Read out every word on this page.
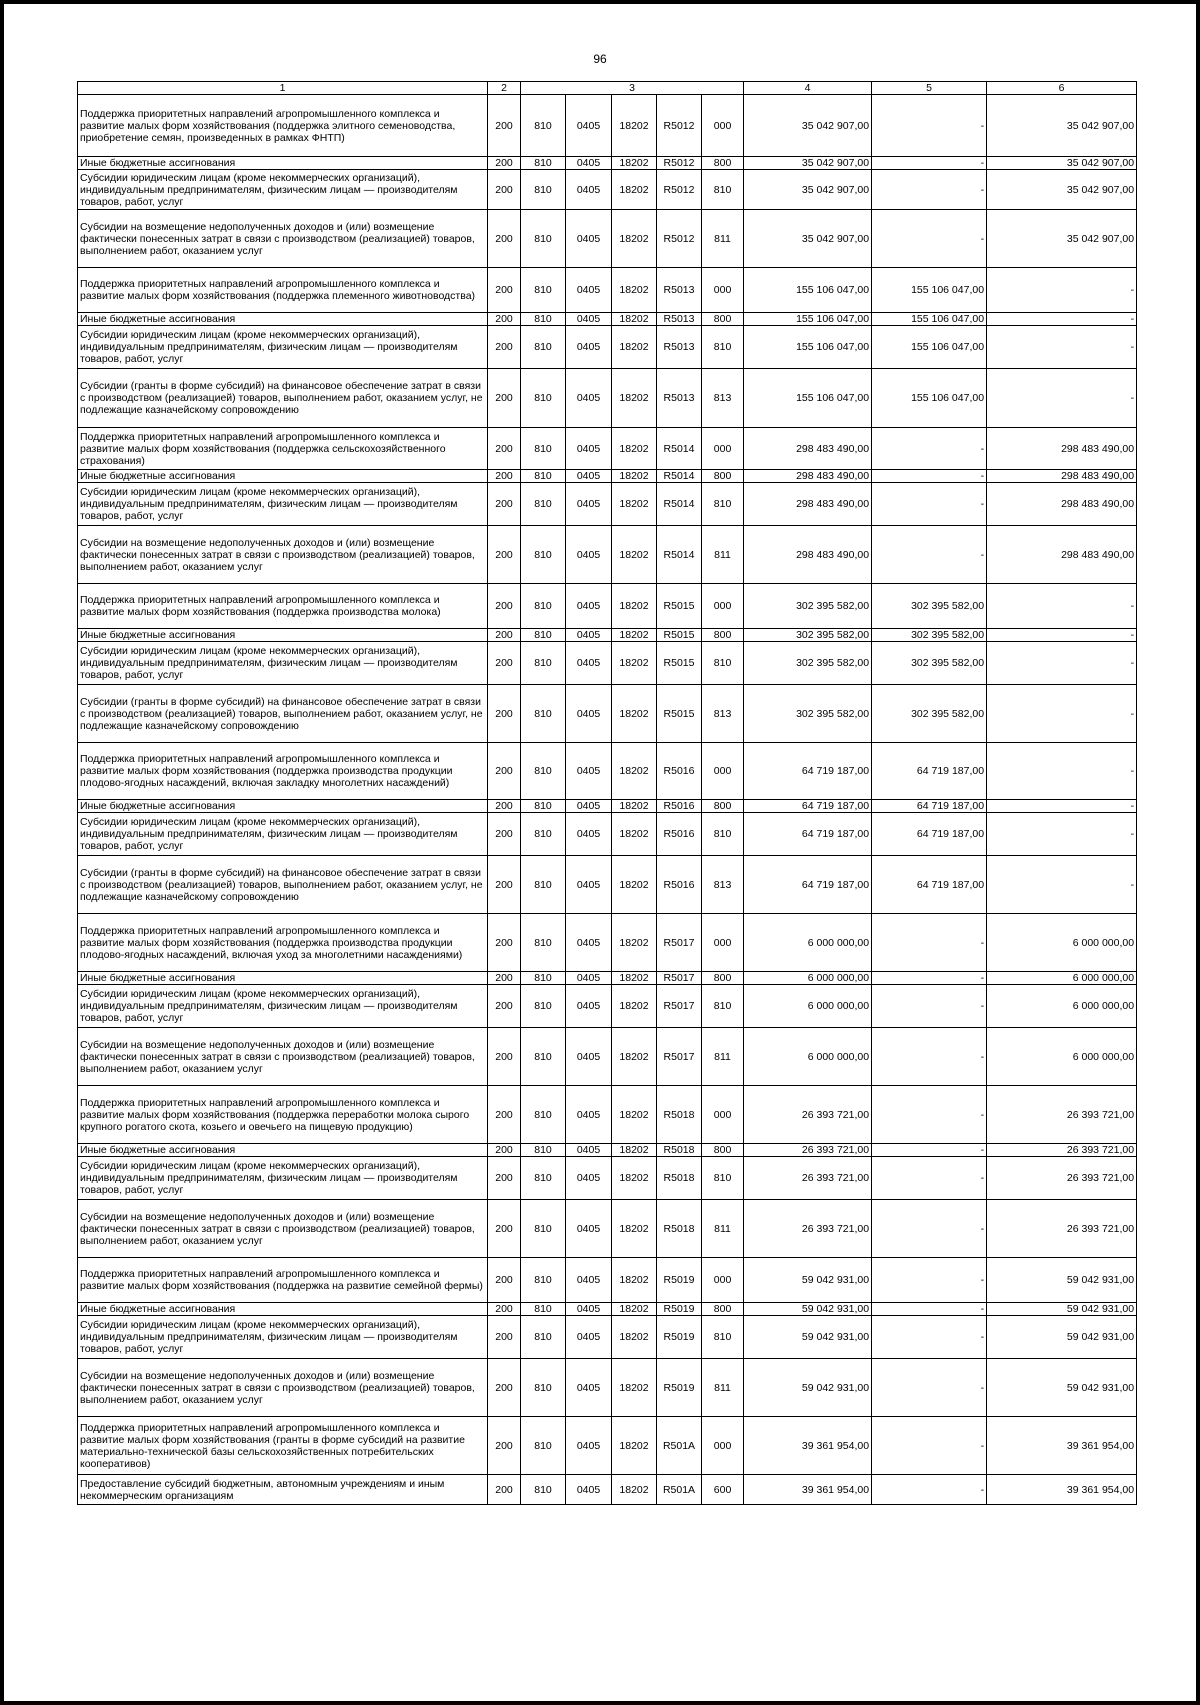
96
1	2	3					4	5	6
Поддержка приоритетных направлений агропромышленного комплекса и развитие малых форм хозяйствования (поддержка элитного семеноводства, приобретение семян, произведенных в рамках ФНТП)	200	810	0405	18202	R5012	000	35 042 907,00	-	35 042 907,00
Иные бюджетные ассигнования	200	810	0405	18202	R5012	800	35 042 907,00	-	35 042 907,00
Субсидии юридическим лицам (кроме некоммерческих организаций), индивидуальным предпринимателям, физическим лицам — производителям товаров, работ, услуг	200	810	0405	18202	R5012	810	35 042 907,00	-	35 042 907,00
Субсидии на возмещение недополученных доходов и (или) возмещение фактически понесенных затрат в связи с производством (реализацией) товаров, выполнением работ, оказанием услуг	200	810	0405	18202	R5012	811	35 042 907,00	-	35 042 907,00
Поддержка приоритетных направлений агропромышленного комплекса и развитие малых форм хозяйствования (поддержка племенного животноводства)	200	810	0405	18202	R5013	000	155 106 047,00	155 106 047,00	-
Иные бюджетные ассигнования	200	810	0405	18202	R5013	800	155 106 047,00	155 106 047,00	-
Субсидии юридическим лицам (кроме некоммерческих организаций), индивидуальным предпринимателям, физическим лицам — производителям товаров, работ, услуг	200	810	0405	18202	R5013	810	155 106 047,00	155 106 047,00	-
Субсидии (гранты в форме субсидий) на финансовое обеспечение затрат в связи с производством (реализацией) товаров, выполнением работ, оказанием услуг, не подлежащие казначейскому сопровождению	200	810	0405	18202	R5013	813	155 106 047,00	155 106 047,00	-
Поддержка приоритетных направлений агропромышленного комплекса и развитие малых форм хозяйствования (поддержка сельскохозяйственного страхования)	200	810	0405	18202	R5014	000	298 483 490,00	-	298 483 490,00
Иные бюджетные ассигнования	200	810	0405	18202	R5014	800	298 483 490,00	-	298 483 490,00
Субсидии юридическим лицам (кроме некоммерческих организаций), индивидуальным предпринимателям, физическим лицам — производителям товаров, работ, услуг	200	810	0405	18202	R5014	810	298 483 490,00	-	298 483 490,00
Субсидии на возмещение недополученных доходов и (или) возмещение фактически понесенных затрат в связи с производством (реализацией) товаров, выполнением работ, оказанием услуг	200	810	0405	18202	R5014	811	298 483 490,00	-	298 483 490,00
Поддержка приоритетных направлений агропромышленного комплекса и развитие малых форм хозяйствования (поддержка производства молока)	200	810	0405	18202	R5015	000	302 395 582,00	302 395 582,00	-
Иные бюджетные ассигнования	200	810	0405	18202	R5015	800	302 395 582,00	302 395 582,00	-
Субсидии юридическим лицам (кроме некоммерческих организаций), индивидуальным предпринимателям, физическим лицам — производителям товаров, работ, услуг	200	810	0405	18202	R5015	810	302 395 582,00	302 395 582,00	-
Субсидии (гранты в форме субсидий) на финансовое обеспечение затрат в связи с производством (реализацией) товаров, выполнением работ, оказанием услуг, не подлежащие казначейскому сопровождению	200	810	0405	18202	R5015	813	302 395 582,00	302 395 582,00	-
Поддержка приоритетных направлений агропромышленного комплекса и развитие малых форм хозяйствования (поддержка производства продукции плодово-ягодных насаждений, включая закладку многолетних насаждений)	200	810	0405	18202	R5016	000	64 719 187,00	64 719 187,00	-
Иные бюджетные ассигнования	200	810	0405	18202	R5016	800	64 719 187,00	64 719 187,00	-
Субсидии юридическим лицам (кроме некоммерческих организаций), индивидуальным предпринимателям, физическим лицам — производителям товаров, работ, услуг	200	810	0405	18202	R5016	810	64 719 187,00	64 719 187,00	-
Субсидии (гранты в форме субсидий) на финансовое обеспечение затрат в связи с производством (реализацией) товаров, выполнением работ, оказанием услуг, не подлежащие казначейскому сопровождению	200	810	0405	18202	R5016	813	64 719 187,00	64 719 187,00	-
Поддержка приоритетных направлений агропромышленного комплекса и развитие малых форм хозяйствования (поддержка производства продукции плодово-ягодных насаждений, включая уход за многолетними насаждениями)	200	810	0405	18202	R5017	000	6 000 000,00	-	6 000 000,00
Иные бюджетные ассигнования	200	810	0405	18202	R5017	800	6 000 000,00	-	6 000 000,00
Субсидии юридическим лицам (кроме некоммерческих организаций), индивидуальным предпринимателям, физическим лицам — производителям товаров, работ, услуг	200	810	0405	18202	R5017	810	6 000 000,00	-	6 000 000,00
Субсидии на возмещение недополученных доходов и (или) возмещение фактически понесенных затрат в связи с производством (реализацией) товаров, выполнением работ, оказанием услуг	200	810	0405	18202	R5017	811	6 000 000,00	-	6 000 000,00
Поддержка приоритетных направлений агропромышленного комплекса и развитие малых форм хозяйствования (поддержка переработки молока сырого крупного рогатого скота, козьего и овечьего на пищевую продукцию)	200	810	0405	18202	R5018	000	26 393 721,00	-	26 393 721,00
Иные бюджетные ассигнования	200	810	0405	18202	R5018	800	26 393 721,00	-	26 393 721,00
Субсидии юридическим лицам (кроме некоммерческих организаций), индивидуальным предпринимателям, физическим лицам — производителям товаров, работ, услуг	200	810	0405	18202	R5018	810	26 393 721,00	-	26 393 721,00
Субсидии на возмещение недополученных доходов и (или) возмещение фактически понесенных затрат в связи с производством (реализацией) товаров, выполнением работ, оказанием услуг	200	810	0405	18202	R5018	811	26 393 721,00	-	26 393 721,00
Поддержка приоритетных направлений агропромышленного комплекса и развитие малых форм хозяйствования (поддержка на развитие семейной фермы)	200	810	0405	18202	R5019	000	59 042 931,00	-	59 042 931,00
Иные бюджетные ассигнования	200	810	0405	18202	R5019	800	59 042 931,00	-	59 042 931,00
Субсидии юридическим лицам (кроме некоммерческих организаций), индивидуальным предпринимателям, физическим лицам — производителям товаров, работ, услуг	200	810	0405	18202	R5019	810	59 042 931,00	-	59 042 931,00
Субсидии на возмещение недополученных доходов и (или) возмещение фактически понесенных затрат в связи с производством (реализацией) товаров, выполнением работ, оказанием услуг	200	810	0405	18202	R5019	811	59 042 931,00	-	59 042 931,00
Поддержка приоритетных направлений агропромышленного комплекса и развитие малых форм хозяйствования (гранты в форме субсидий на развитие материально-технической базы сельскохозяйственных потребительских кооперативов)	200	810	0405	18202	R501A	000	39 361 954,00	-	39 361 954,00
Предоставление субсидий бюджетным, автономным учреждениям и иным некоммерческим организациям	200	810	0405	18202	R501A	600	39 361 954,00	-	39 361 954,00
